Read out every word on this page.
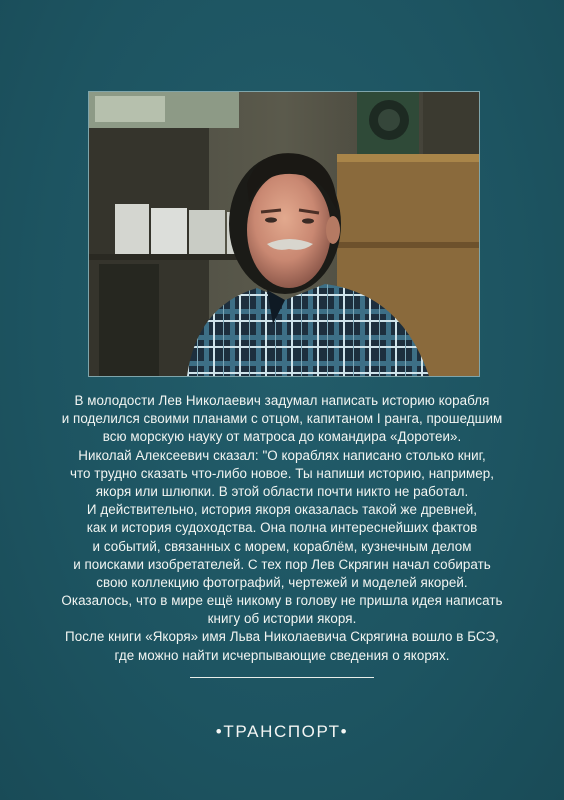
В молодости Лев Николаевич задумал написать историю корабля
и поделился своими планами с отцом, капитаном I ранга, прошедшим
всю морскую науку от матроса до командира «Доротеи».
Николай Алексеевич сказал: "О кораблях написано столько книг,
что трудно сказать что-либо новое. Ты напиши историю, например,
якоря или шлюпки. В этой области почти никто не работал.
И действительно, история якоря оказалась такой же древней,
как и история судоходства. Она полна интереснейших фактов
и событий, связанных с морем, кораблём, кузнечным делом
и поисками изобретателей. С тех пор Лев Скрягин начал собирать
свою коллекцию фотографий, чертежей и моделей якорей.
Оказалось, что в мире ещё никому в голову не пришла идея написать
книгу об истории якоря.
После книги «Якоря» имя Льва Николаевича Скрягина вошло в БСЭ,
где можно найти исчерпывающие сведения о якорях.
•ТРАНСПОРТ•
